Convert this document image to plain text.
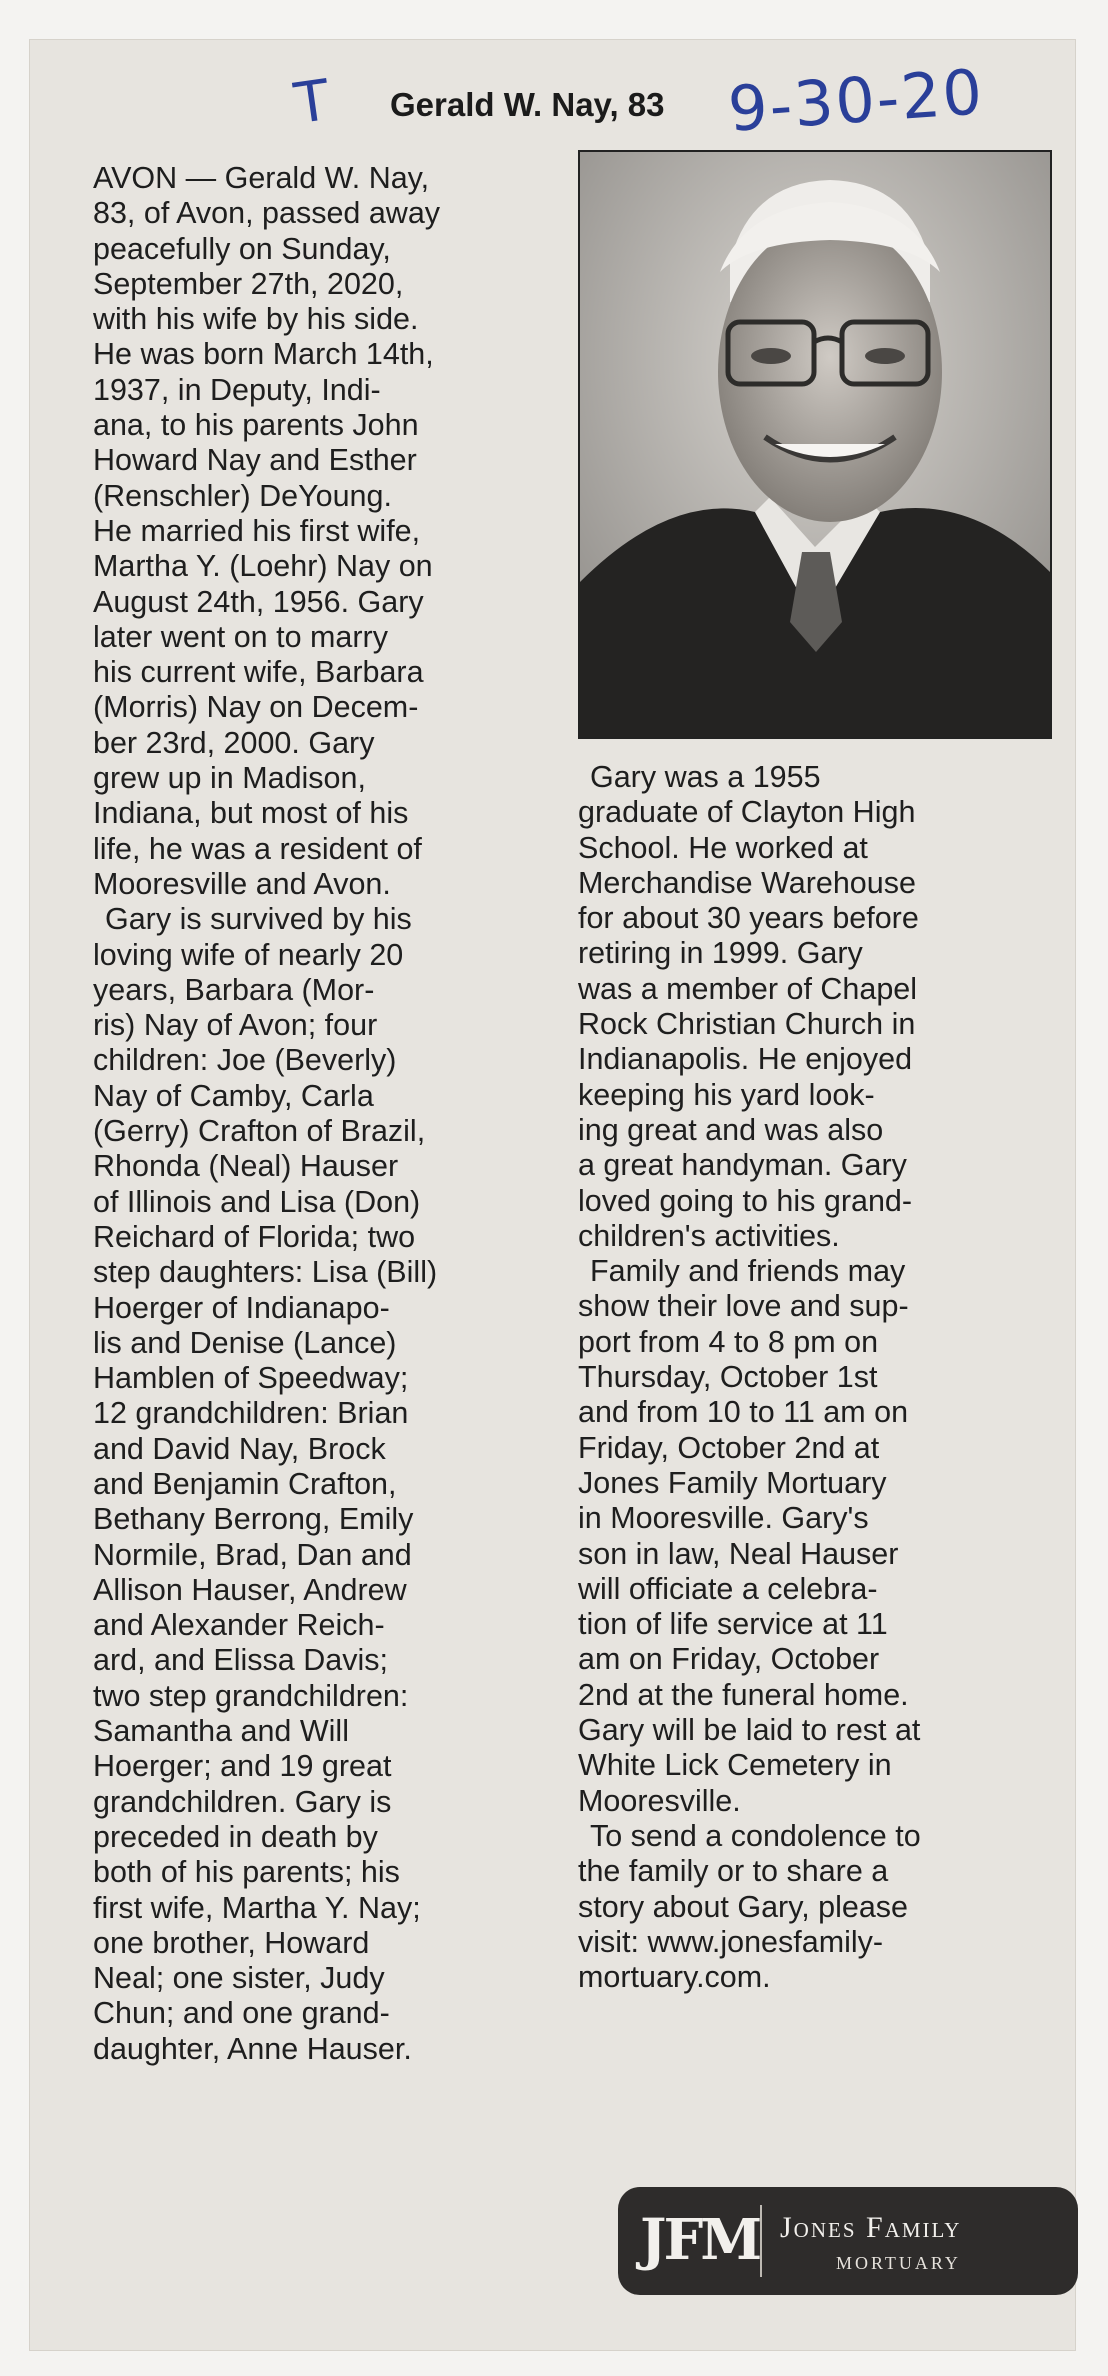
T Gerald W. Nay, 83 9-30-20

AVON — Gerald W. Nay,
83, of Avon, passed away
peacefully on Sunday,
September 27th, 2020,
with his wife by his side.
He was born March 14th,
1937, in Deputy, Indi-
ana, to his parents John
Howard Nay and Esther
(Renschler) DeYoung.
He married his first wife,
Martha Y. (Loehr) Nay on
August 24th, 1956. Gary
later went on to marry
his current wife, Barbara
(Morris) Nay on Decem-
ber 23rd, 2000. Gary
grew up in Madison,
Indiana, but most of his
life, he was a resident of
Mooresville and Avon.

Gary is survived by his
loving wife of nearly 20
years, Barbara (Mor-
ris) Nay of Avon; four
children: Joe (Beverly)
Nay of Camby, Carla
(Gerry) Crafton of Brazil,
Rhonda (Neal) Hauser
of Illinois and Lisa (Don)
Reichard of Florida; two
step daughters: Lisa (Bill)
Hoerger of Indianapo-
lis and Denise (Lance)
Hamblen of Speedway;
12 grandchildren: Brian
and David Nay, Brock
and Benjamin Crafton,
Bethany Berrong, Emily
Normile, Brad, Dan and
Allison Hauser, Andrew
and Alexander Reich-
ard, and Elissa Davis;
two step grandchildren:
Samantha and Will
Hoerger; and 19 great
grandchildren. Gary is
preceded in death by
both of his parents; his
first wife, Martha Y. Nay;
one brother, Howard
Neal; one sister, Judy
Chun; and one grand-
daughter, Anne Hauser.

Gary was a 1955
graduate of Clayton High
School. He worked at
Merchandise Warehouse
for about 30 years before
retiring in 1999. Gary
was a member of Chapel
Rock Christian Church in
Indianapolis. He enjoyed
keeping his yard look-
ing great and was also
a great handyman. Gary
loved going to his grand-
children's activities.

Family and friends may
show their love and sup-
port from 4 to 8 pm on
Thursday, October 1st
and from 10 to 11 am on
Friday, October 2nd at
Jones Family Mortuary
in Mooresville. Gary's
son in law, Neal Hauser
will officiate a celebra-
tion of life service at 11
am on Friday, October
2nd at the funeral home.
Gary will be laid to rest at
White Lick Cemetery in
Mooresville.

To send a condolence to
the family or to share a
story about Gary, please
visit: www.jonesfamily-
mortuary.com.

JFM Jones Family
MORTUARY
